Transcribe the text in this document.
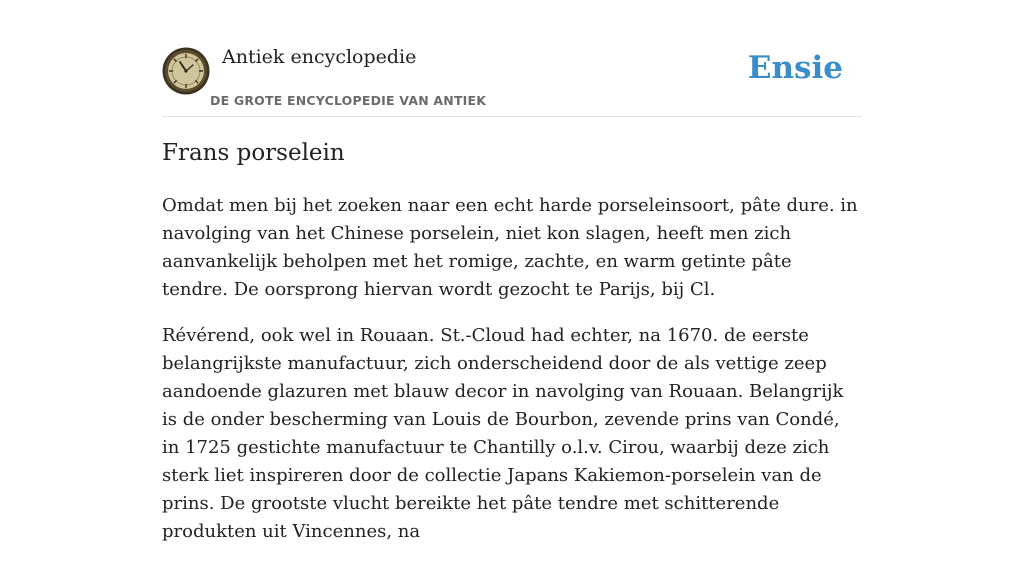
Antiek encyclopedie
DE GROTE ENCYCLOPEDIE VAN ANTIEK
Ensie
Frans porselein

Omdat men bij het zoeken naar een echt harde porseleinsoort, pâte dure. in navolging van het Chinese porselein, niet kon slagen, heeft men zich aanvankelijk beholpen met het romige, zachte, en warm getinte pâte tendre. De oorsprong hiervan wordt gezocht te Parijs, bij Cl.

Révérend, ook wel in Rouaan. St.-Cloud had echter, na 1670. de eerste belangrijkste manufactuur, zich onderscheidend door de als vettige zeep aandoende glazuren met blauw decor in navolging van Rouaan. Belangrijk is de onder bescherming van Louis de Bourbon, zevende prins van Condé, in 1725 gestichte manufactuur te Chantilly o.l.v. Cirou, waarbij deze zich sterk liet inspireren door de collectie Japans Kakiemon-porselein van de prins. De grootste vlucht bereikte het pâte tendre met schitterende produkten uit Vincennes, na
